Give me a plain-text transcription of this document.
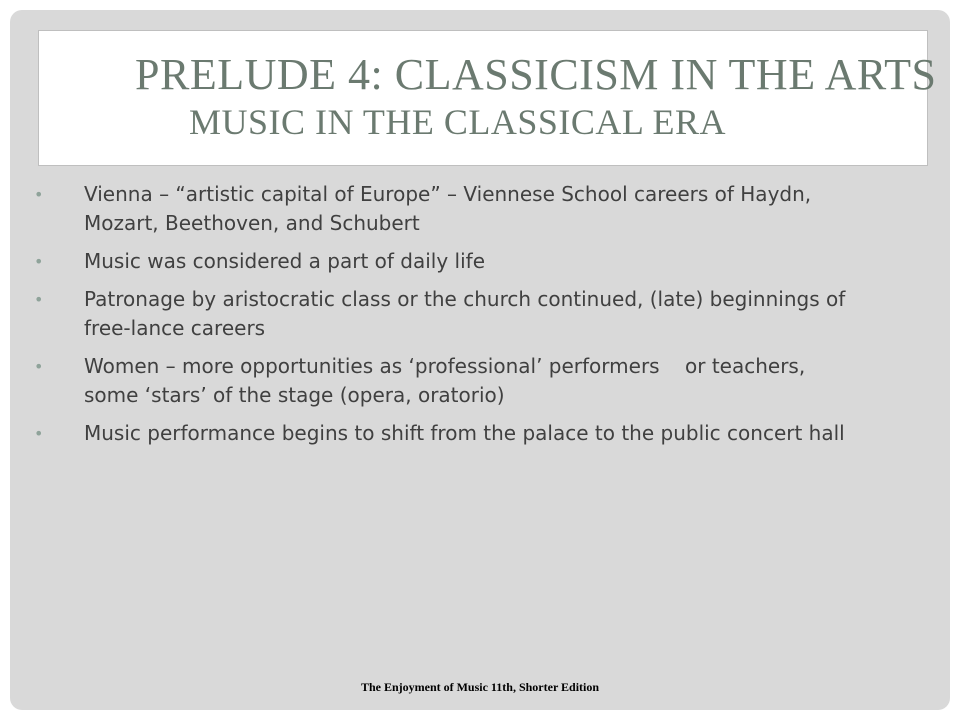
PRELUDE 4: CLASSICISM IN THE ARTS
MUSIC IN THE CLASSICAL ERA
•	Vienna – “artistic capital of Europe” – Viennese School careers of Haydn, Mozart, Beethoven, and Schubert
•	Music was considered a part of daily life
•	Patronage by aristocratic class or the church continued, (late) beginnings of free-lance careers
•	Women – more opportunities as ‘professional’ performers    or teachers,  some ‘stars’ of the stage (opera, oratorio)
•	Music performance begins to shift from the palace to the public concert hall
The Enjoyment of Music 11th, Shorter Edition
